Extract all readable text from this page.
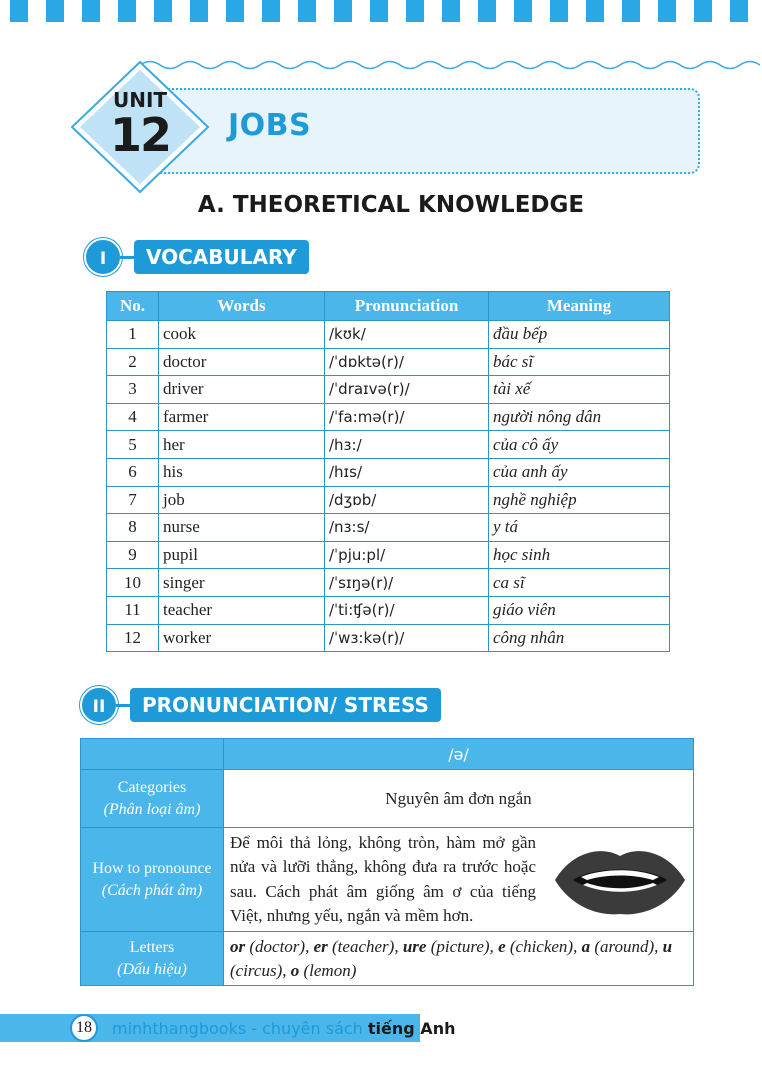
JOBS
UNIT
12
A. THEORETICAL KNOWLEDGE
I	VOCABULARY
No.	Words	Pronunciation	Meaning
1	cook	/kʊk/	đầu bếp
2	doctor	/ˈdɒktə(r)/	bác sĩ
3	driver	/ˈdraɪvə(r)/	tài xế
4	farmer	/ˈfa:mə(r)/	người nông dân
5	her	/hɜ:/	của cô ấy
6	his	/hɪs/	của anh ấy
7	job	/dʒɒb/	nghề nghiệp
8	nurse	/nɜ:s/	y tá
9	pupil	/ˈpju:pl/	học sinh
10	singer	/ˈsɪŋə(r)/	ca sĩ
11	teacher	/ˈti:ʧə(r)/	giáo viên
12	worker	/ˈwɜ:kə(r)/	công nhân
II	PRONUNCIATION/ STRESS
	/ə/

Categories
(Phân loại âm)	Nguyên âm đơn ngắn

How to pronounce
(Cách phát âm)	Để môi thả lỏng, không tròn, hàm mở gần nửa và lưỡi thẳng, không đưa ra trước hoặc sau. Cách phát âm giống âm ơ của tiếng Việt, nhưng yếu, ngắn và mềm hơn.

Letters
(Dấu hiệu)	or (doctor), er (teacher), ure (picture), e (chicken), a (around), u (circus), o (lemon)
18	minhthangbooks - chuyên sách tiếng Anh
